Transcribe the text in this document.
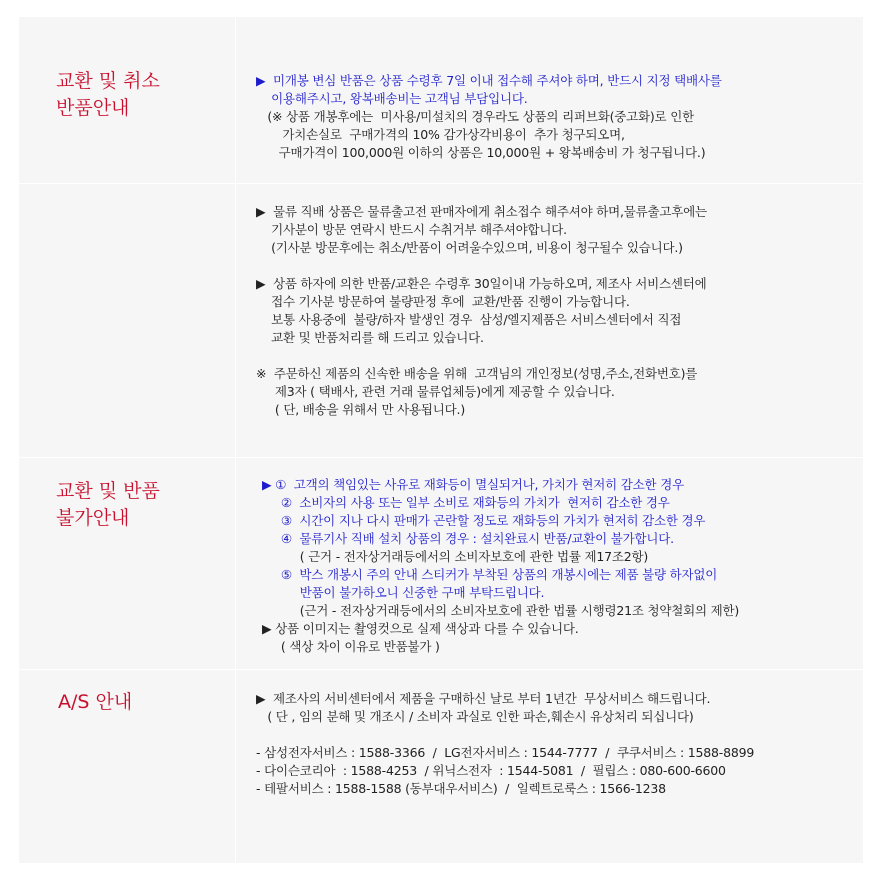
교환 및 취소
반품안내
▶  미개봉 변심 반품은 상품 수령후 7일 이내 접수해 주셔야 하며, 반드시 지정 택배사를
이용해주시고, 왕복배송비는 고객님 부담입니다.
(※ 상품 개봉후에는  미사용/미설치의 경우라도 상품의 리퍼브화(중고화)로 인한
가치손실로  구매가격의 10% 감가상각비용이  추가 청구되오며,
구매가격이 100,000원 이하의 상품은 10,000원 + 왕복배송비 가 청구됩니다.)
▶  물류 직배 상품은 물류출고전 판매자에게 취소접수 해주셔야 하며,물류출고후에는
기사분이 방문 연락시 반드시 수취거부 해주셔야합니다.
(기사분 방문후에는 취소/반품이 어려울수있으며, 비용이 청구될수 있습니다.)
▶  상품 하자에 의한 반품/교환은 수령후 30일이내 가능하오며, 제조사 서비스센터에
접수 기사분 방문하여 불량판정 후에  교환/반품 진행이 가능합니다.
보통 사용중에  불량/하자 발생인 경우  삼성/엘지제품은 서비스센터에서 직접
교환 및 반품처리를 해 드리고 있습니다.
※  주문하신 제품의 신속한 배송을 위해  고객님의 개인정보(성명,주소,전화번호)를
제3자 ( 택배사, 관련 거래 물류업체등)에게 제공할 수 있습니다.
( 단, 배송을 위해서 만 사용됩니다.)
교환 및 반품
불가안내
▶ ①  고객의 책임있는 사유로 재화등이 멸실되거나, 가치가 현저히 감소한 경우
②  소비자의 사용 또는 일부 소비로 재화등의 가치가  현저히 감소한 경우
③  시간이 지나 다시 판매가 곤란할 정도로 재화등의 가치가 현저히 감소한 경우
④  물류기사 직배 설치 상품의 경우 : 설치완료시 반품/교환이 불가합니다.
( 근거 - 전자상거래등에서의 소비자보호에 관한 법률 제17조2항)
⑤  박스 개봉시 주의 안내 스티커가 부착된 상품의 개봉시에는 제품 불량 하자없이
반품이 불가하오니 신중한 구매 부탁드립니다.
(근거 - 전자상거래등에서의 소비자보호에 관한 법률 시행령21조 청약철회의 제한)
▶ 상품 이미지는 촬영컷으로 실제 색상과 다를 수 있습니다.
( 색상 차이 이유로 반품불가 )
A/S 안내	▶  제조사의 서비센터에서 제품을 구매하신 날로 부터 1년간  무상서비스 해드립니다.
( 단 , 임의 분해 및 개조시 / 소비자 과실로 인한 파손,훼손시 유상처리 되십니다)
- 삼성전자서비스 : 1588-3366  /  LG전자서비스 : 1544-7777  /  쿠쿠서비스 : 1588-8899
- 다이슨코리아  : 1588-4253  / 위닉스전자  : 1544-5081  /  필립스 : 080-600-6600
- 테팔서비스 : 1588-1588 (동부대우서비스)  /  일렉트로룩스 : 1566-1238
